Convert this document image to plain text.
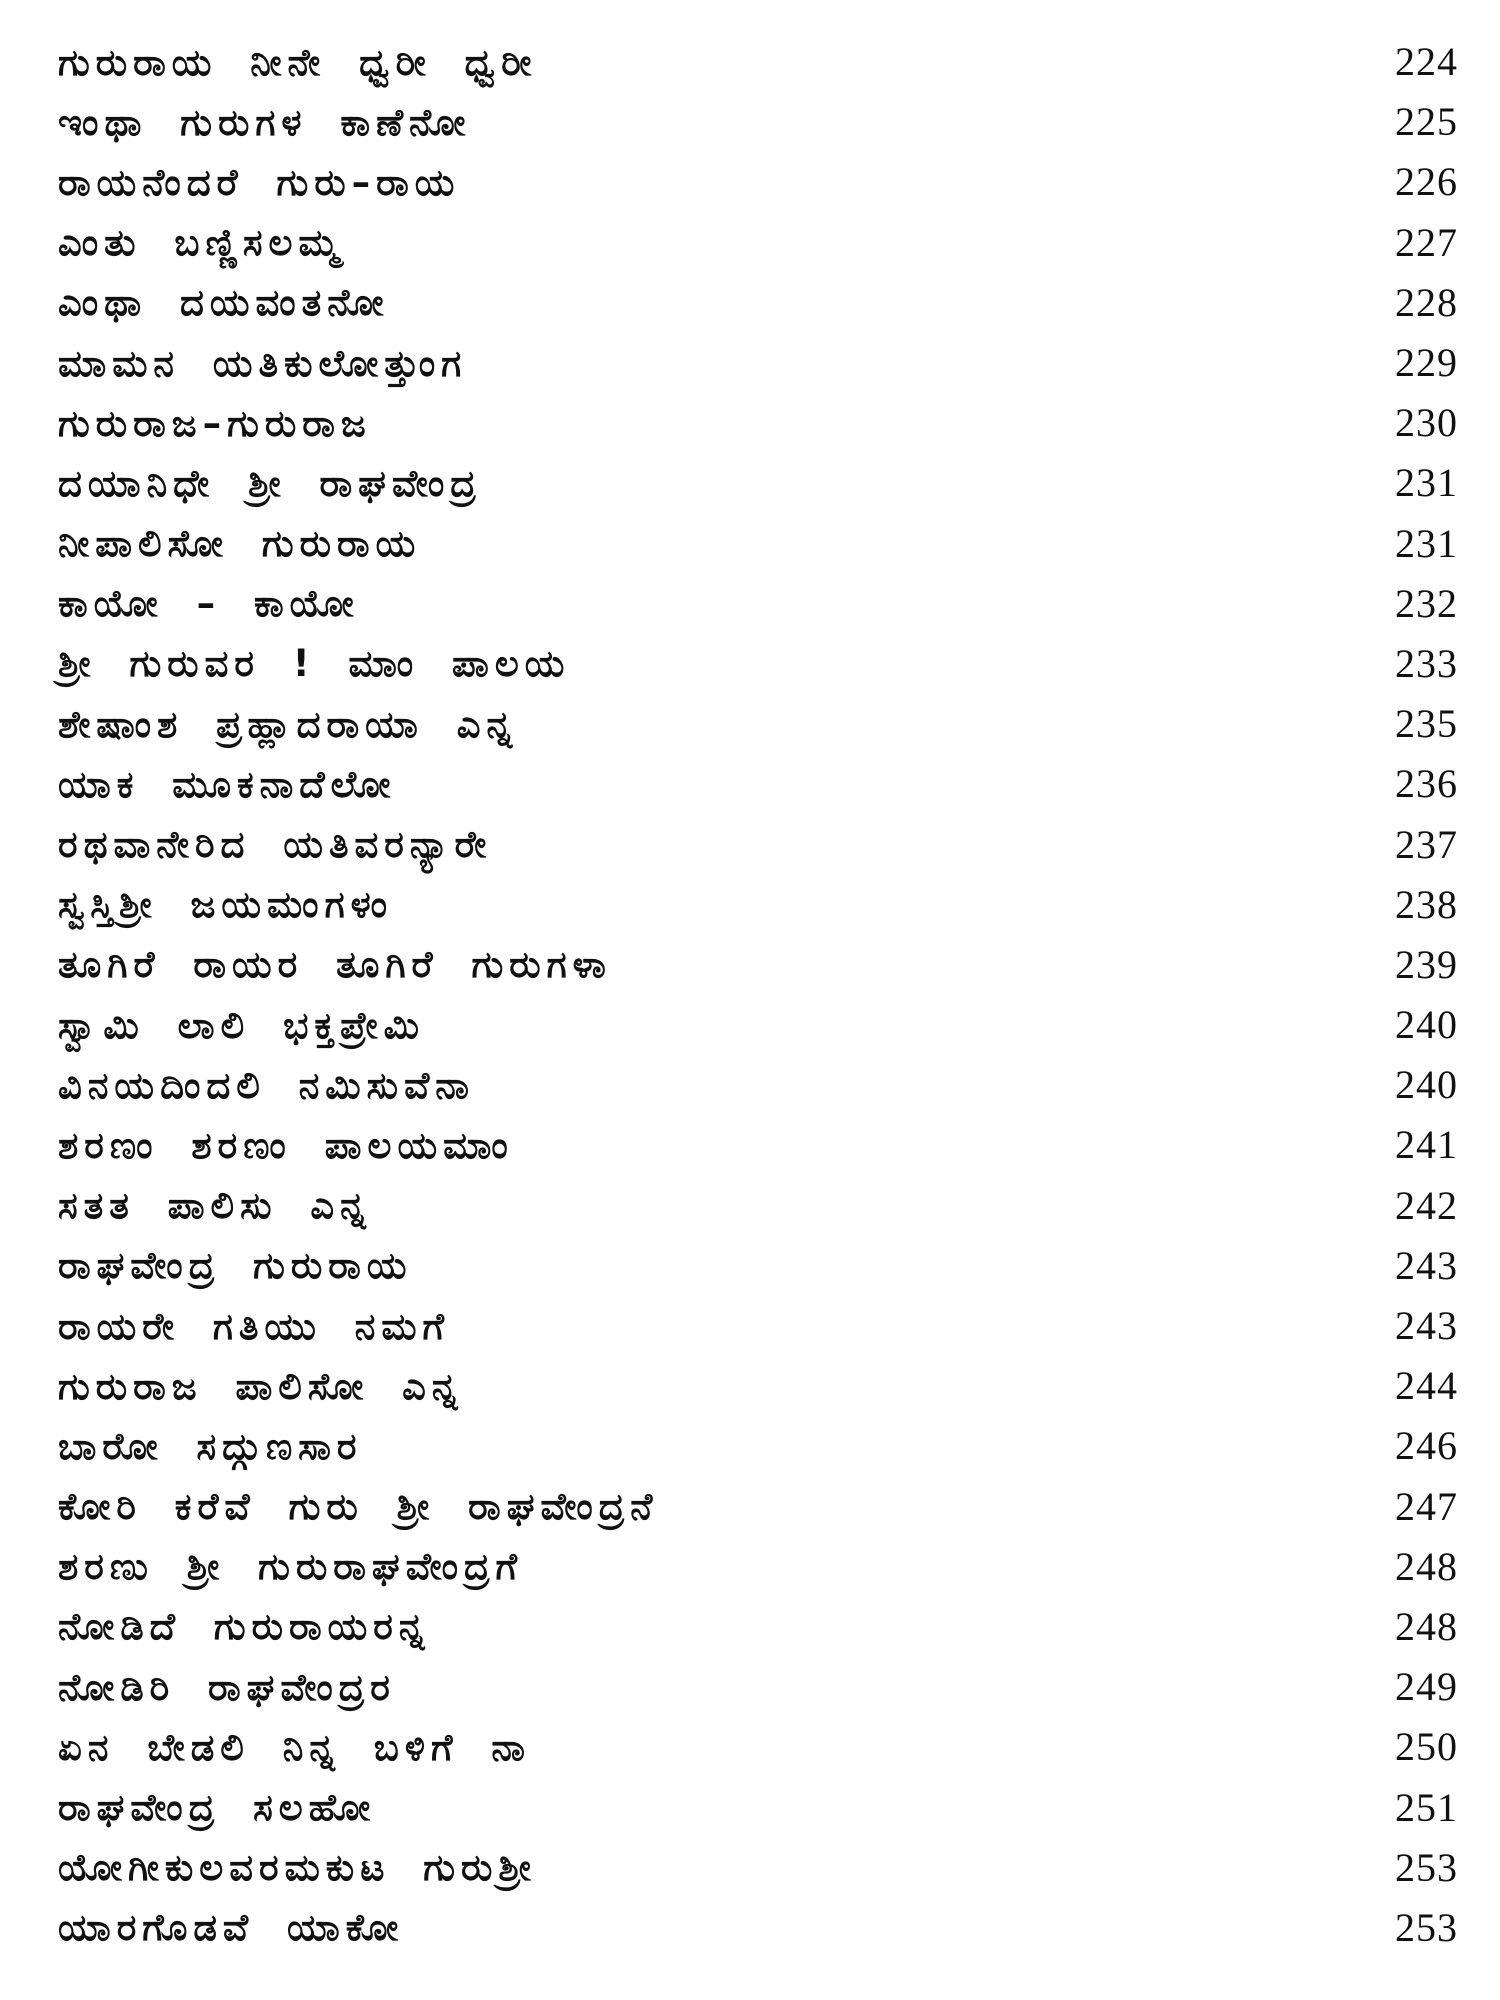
ಗುರುರಾಯ ನೀನೇ ಧ್ವರೀ ಧ್ವರೀ	224
ಇಂಥಾ ಗುರುಗಳ ಕಾಣೆನೋ	225
ರಾಯನೆಂದರೆ ಗುರು–ರಾಯ	226
ಎಂತು ಬಣ್ಣಿಸಲಮ್ಮ	227
ಎಂಥಾ ದಯವಂತನೋ	228
ಮಾಮನ ಯತಿಕುಲೋತ್ತುಂಗ	229
ಗುರುರಾಜ–ಗುರುರಾಜ	230
ದಯಾನಿಧೇ ಶ್ರೀ ರಾಘವೇಂದ್ರ	231
ನೀಪಾಲಿಸೋ ಗುರುರಾಯ	231
ಕಾಯೋ – ಕಾಯೋ	232
ಶ್ರೀ ಗುರುವರ ! ಮಾಂ ಪಾಲಯ	233
ಶೇಷಾಂಶ ಪ್ರಹ್ಲಾದರಾಯಾ ಎನ್ನ	235
ಯಾಕ ಮೂಕನಾದೆಲೋ	236
ರಥವಾನೇರಿದ ಯತಿವರನ್ಯಾರೇ	237
ಸ್ವಸ್ತಿಶ್ರೀ ಜಯಮಂಗಳಂ	238
ತೂಗಿರೆ ರಾಯರ ತೂಗಿರೆ ಗುರುಗಳಾ	239
ಸ್ವಾಮಿ ಲಾಲಿ ಭಕ್ತಪ್ರೇಮಿ	240
ವಿನಯದಿಂದಲಿ ನಮಿಸುವೆನಾ	240
ಶರಣಂ ಶರಣಂ ಪಾಲಯಮಾಂ	241
ಸತತ ಪಾಲಿಸು ಎನ್ನ	242
ರಾಘವೇಂದ್ರ ಗುರುರಾಯ	243
ರಾಯರೇ ಗತಿಯು ನಮಗೆ	243
ಗುರುರಾಜ ಪಾಲಿಸೋ ಎನ್ನ	244
ಬಾರೋ ಸದ್ಗುಣಸಾರ	246
ಕೋರಿ ಕರೆವೆ ಗುರು ಶ್ರೀ ರಾಘವೇಂದ್ರನೆ	247
ಶರಣು ಶ್ರೀ ಗುರುರಾಘವೇಂದ್ರಗೆ	248
ನೋಡಿದೆ ಗುರುರಾಯರನ್ನ	248
ನೋಡಿರಿ ರಾಘವೇಂದ್ರರ	249
ಏನ ಬೇಡಲಿ ನಿನ್ನ ಬಳಿಗೆ ನಾ	250
ರಾಘವೇಂದ್ರ ಸಲಹೋ	251
ಯೋಗೀಕುಲವರಮಕುಟ ಗುರುಶ್ರೀ	253
ಯಾರಗೊಡವೆ ಯಾಕೋ	253
